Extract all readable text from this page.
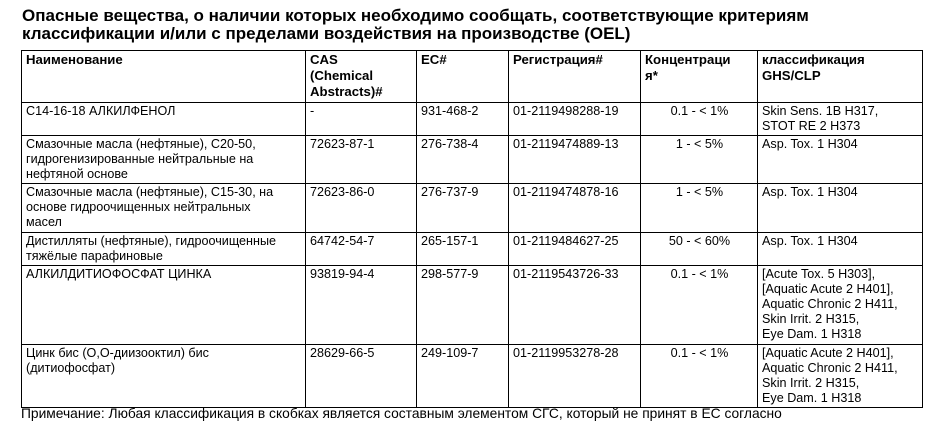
Опасные вещества, о наличии которых необходимо сообщать, соответствующие критериям
классификации и/или с пределами воздействия на производстве (OEL)
Наименование	CAS
(Chemical
Abstracts)#	EC#	Регистрация#	Концентраци
я*	классификация
GHS/CLP

C14-16-18 АЛКИЛФЕНОЛ	-	931-468-2	01-2119498288-19	0.1 - < 1%	Skin Sens. 1B H317,
STOT RE 2 H373

Смазочные масла (нефтяные), C20-50,
гидрогенизированные нейтральные на
нефтяной основе	72623-87-1	276-738-4	01-2119474889-13	1 - < 5%	Asp. Tox. 1 H304

Смазочные масла (нефтяные), C15-30, на
основе гидроочищенных нейтральных
масел	72623-86-0	276-737-9	01-2119474878-16	1 - < 5%	Asp. Tox. 1 H304

Дистилляты (нефтяные), гидроочищенные
тяжёлые парафиновые	64742-54-7	265-157-1	01-2119484627-25	50 - < 60%	Asp. Tox. 1 H304

АЛКИЛДИТИОФОСФАТ ЦИНКА	93819-94-4	298-577-9	01-2119543726-33	0.1 - < 1%	[Acute Tox. 5 H303],
[Aquatic Acute 2 H401],
Aquatic Chronic 2 H411,
Skin Irrit. 2 H315,
Eye Dam. 1 H318

Цинк бис (O,O-диизооктил) бис
(дитиофосфат)	28629-66-5	249-109-7	01-2119953278-28	0.1 - < 1%	[Aquatic Acute 2 H401],
Aquatic Chronic 2 H411,
Skin Irrit. 2 H315,
Eye Dam. 1 H318
Примечание: Любая классификация в скобках является составным элементом СГС, который не принят в ЕС согласно
